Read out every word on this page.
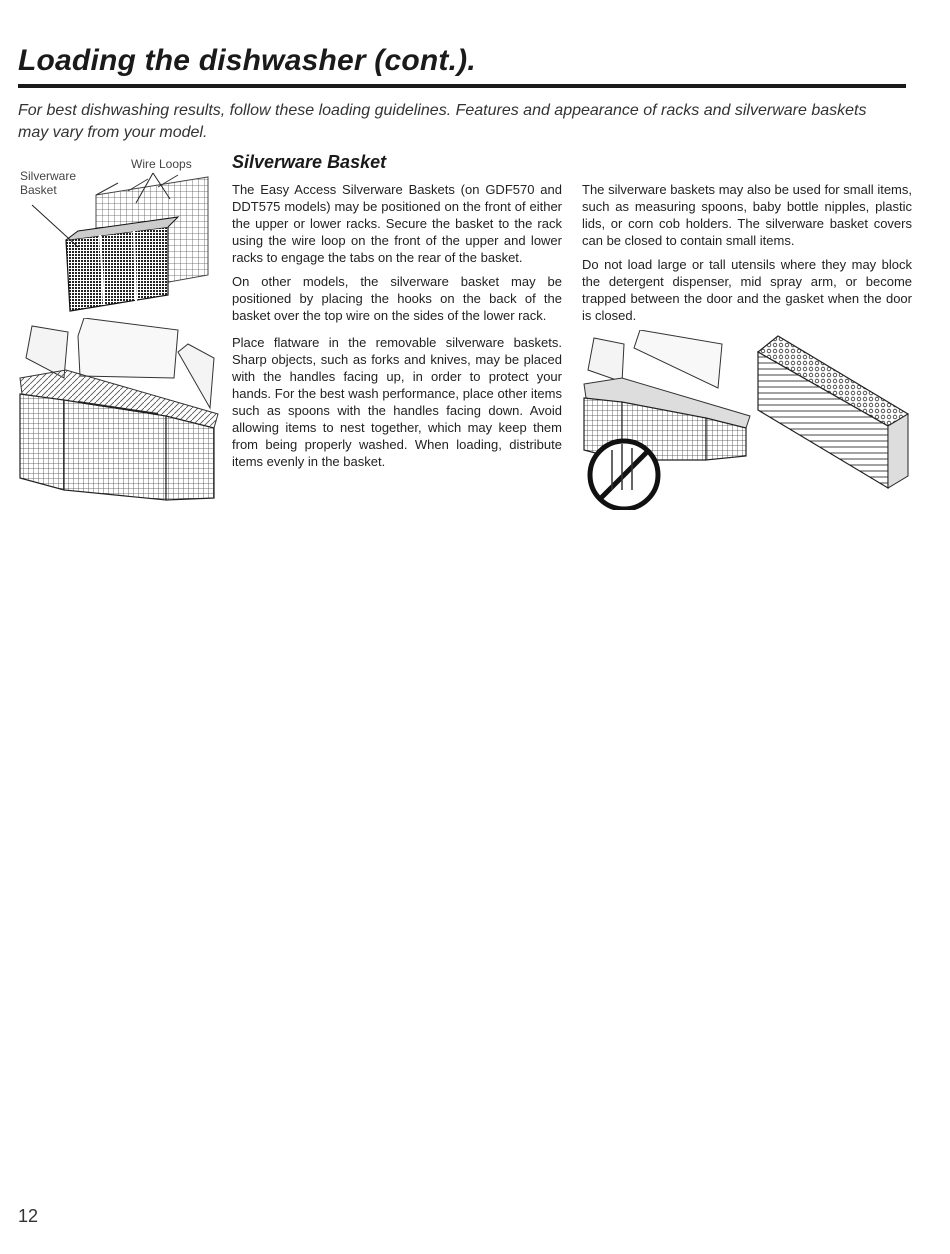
Loading the dishwasher (cont.).

For best dishwashing results, follow these loading guidelines. Features and appearance of racks and silverware baskets may vary from your model.

Silverware
Basket
Wire Loops Silverware Basket

The Easy Access Silverware Baskets (on GDF570 and DDT575 models) may be positioned on the front of either the upper or lower racks. Secure the basket to the rack using the wire loop on the front of the upper and lower racks to engage the tabs on the rear of the basket.

On other models, the silverware basket may be positioned by placing the hooks on the back of the basket over the top wire on the sides of the lower rack.

Place flatware in the removable silverware baskets. Sharp objects, such as forks and knives, may be placed with the handles facing up, in order to protect your hands. For the best wash performance, place other items such as spoons with the handles facing down. Avoid allowing items to nest together, which may keep them from being properly washed. When loading, distribute items evenly in the basket.

The silverware baskets may also be used for small items, such as measuring spoons, baby bottle nipples, plastic lids, or corn cob holders. The silverware basket covers can be closed to contain small items.

Do not load large or tall utensils where they may block the detergent dispenser, mid spray arm, or become trapped between the door and the gasket when the door is closed.

12
